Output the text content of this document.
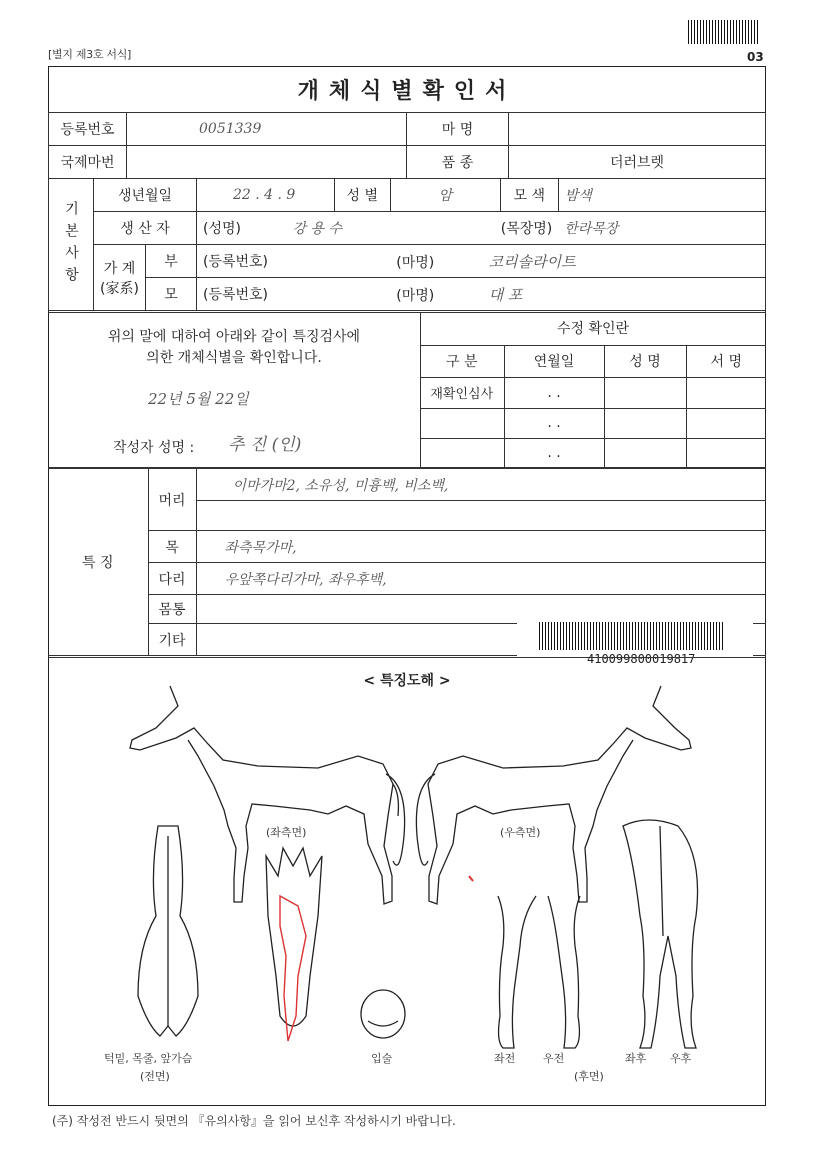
[별지 제3호 서식]	03
개체식별확인서
등록번호	0051339	마 명	
국제마번		품 종	더러브렛
기본사항	생년월일		22 . 4 . 9		성 별	암	모 색	밤색
	생 산 자		(성명)	강 용 수		(목장명)		한라목장

	가 계
(家系)	부	(등록번호)			(마명) 코리솔라이트		
		모	(등록번호)			(마명) 대 포		
위의 말에 대하여 아래와 같이 특징검사에
의한 개체식별을 확인합니다.
22년 5월 22일
작성자 성명 : 추 진 (인)
수정 확인란			
구 분	연월일	성 명	서 명
재확인심사	. .		
	. .		
	. .		
특 징	머리	이마가마2, 소유성, 미흉백, 비소백,

	목	좌측목가마,
	다리	우앞쪽다리가마, 좌우후백,
	몸통	
	기타	
410099800019817
< 특징도해 >
(좌측면)	(우측면)
턱밑, 목줄, 앞가슴
(전면)
입술	좌전	우전	좌후 우후
(후면)
(주) 작성전 반드시 뒷면의 『유의사항』을 읽어 보신후 작성하시기 바랍니다.
